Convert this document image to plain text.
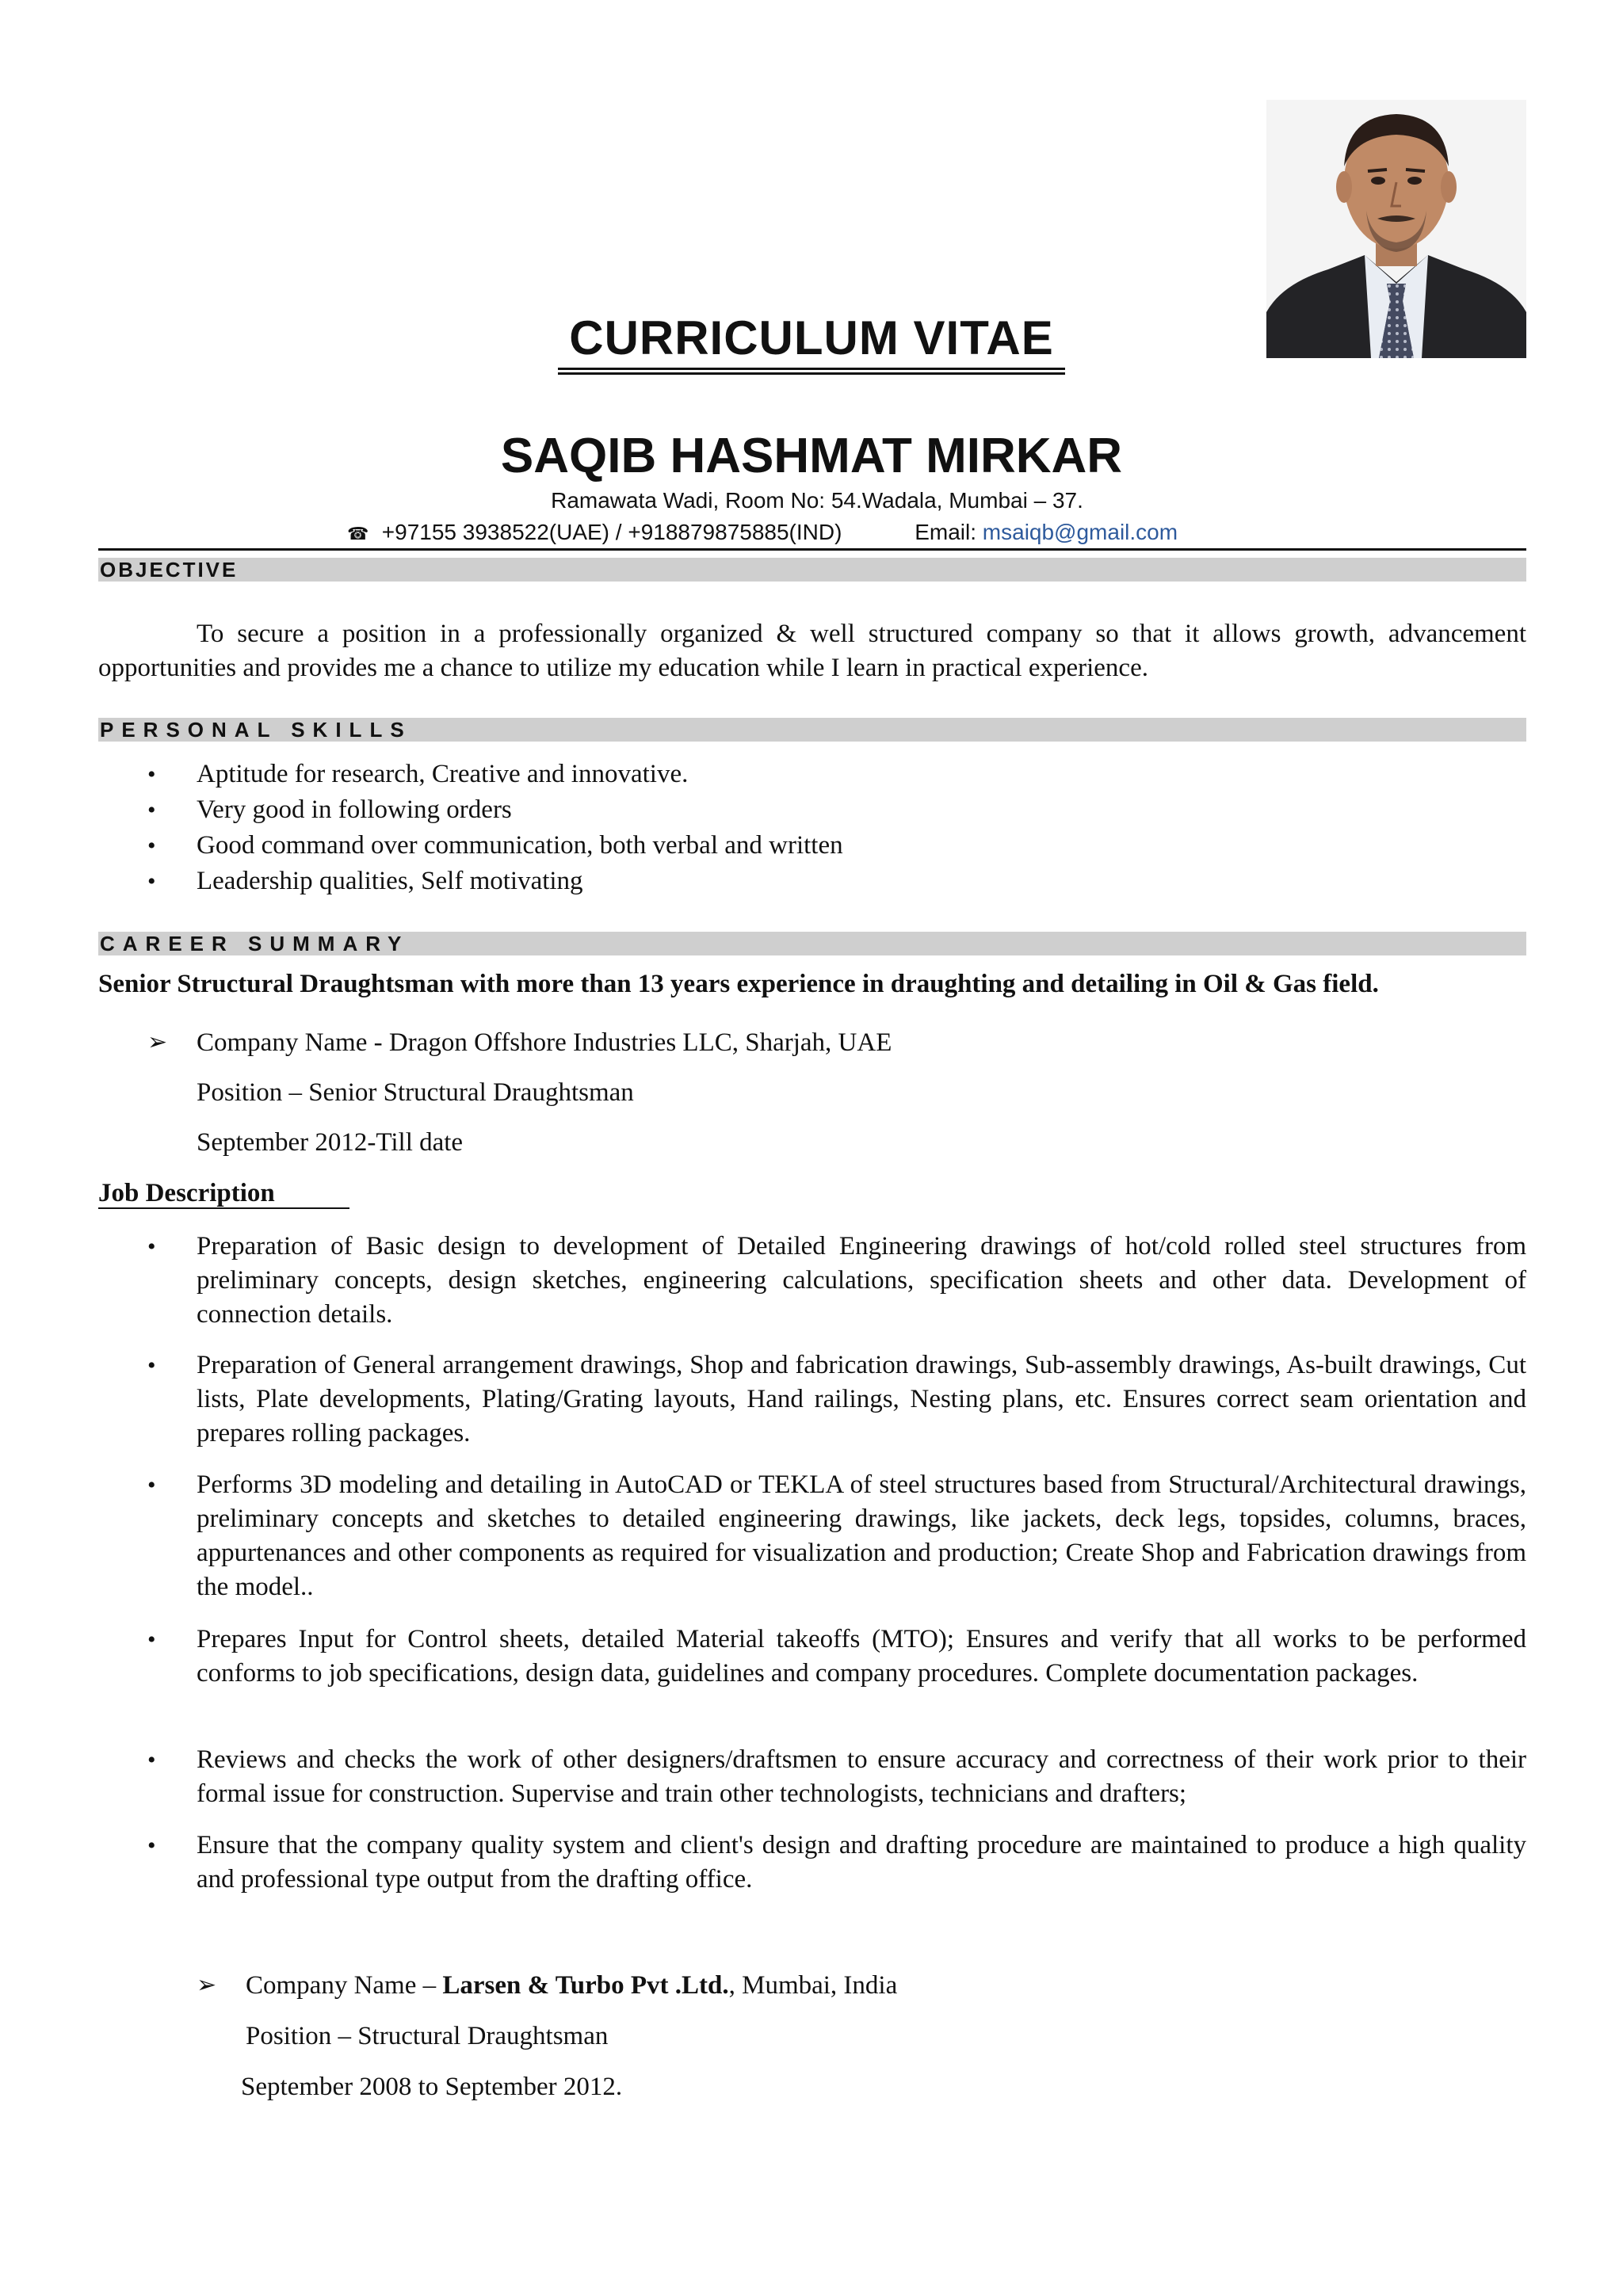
CURRICULUM VITAE
SAQIB HASHMAT MIRKAR
Ramawata Wadi, Room No: 54.Wadala, Mumbai – 37.
☎ +97155 3938522(UAE) / +918879875885(IND)	Email: msaiqb@gmail.com
OBJECTIVE
To secure a position in a professionally organized & well structured company so that it allows growth, advancement opportunities and provides me a chance to utilize my education while I learn in practical experience.
PERSONAL SKILLS
• Aptitude for research, Creative and innovative.
• Very good in following orders
• Good command over communication, both verbal and written
• Leadership qualities, Self motivating
CAREER SUMMARY
Senior Structural Draughtsman with more than 13 years experience in draughting and detailing in Oil & Gas field.
➢ Company Name - Dragon Offshore Industries LLC, Sharjah, UAE
Position – Senior Structural Draughtsman
September 2012-Till date
Job Description
• Preparation of Basic design to development of Detailed Engineering drawings of hot/cold rolled steel structures from preliminary concepts, design sketches, engineering calculations, specification sheets and other data. Development of connection details.
• Preparation of General arrangement drawings, Shop and fabrication drawings, Sub-assembly drawings, As-built drawings, Cut lists, Plate developments, Plating/Grating layouts, Hand railings, Nesting plans, etc. Ensures correct seam orientation and prepares rolling packages.
• Performs 3D modeling and detailing in AutoCAD or TEKLA of steel structures based from Structural/Architectural drawings, preliminary concepts and sketches to detailed engineering drawings, like jackets, deck legs, topsides, columns, braces, appurtenances and other components as required for visualization and production; Create Shop and Fabrication drawings from the model..
• Prepares Input for Control sheets, detailed Material takeoffs (MTO); Ensures and verify that all works to be performed conforms to job specifications, design data, guidelines and company procedures. Complete documentation packages.
• Reviews and checks the work of other designers/draftsmen to ensure accuracy and correctness of their work prior to their formal issue for construction. Supervise and train other technologists, technicians and drafters;
• Ensure that the company quality system and client's design and drafting procedure are maintained to produce a high quality and professional type output from the drafting office.
➢ Company Name – Larsen & Turbo Pvt .Ltd., Mumbai, India
Position – Structural Draughtsman
September 2008 to September 2012.
